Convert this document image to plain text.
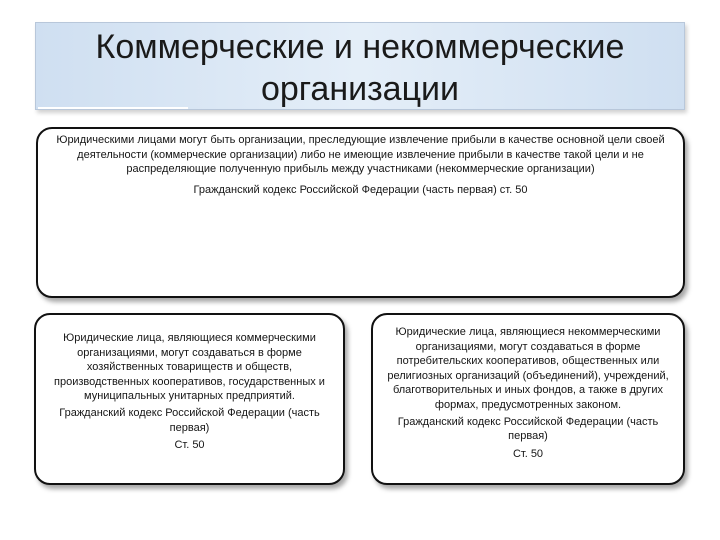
Коммерческие и некоммерческие
организации

Юридическими лицами могут быть организации, преследующие извлечение прибыли в качестве основной цели своей деятельности (коммерческие организации) либо не имеющие извлечение прибыли в качестве такой цели и не распределяющие полученную прибыль между участниками (некоммерческие организации)

Гражданский кодекс Российской Федерации (часть первая) ст. 50

Юридические лица, являющиеся коммерческими организациями, могут создаваться в форме хозяйственных товариществ и обществ, производственных кооперативов, государственных и муниципальных унитарных предприятий.

Гражданский кодекс Российской Федерации (часть первая)

Ст. 50

Юридические лица, являющиеся некоммерческими организациями, могут создаваться в форме потребительских кооперативов, общественных или религиозных организаций (объединений), учреждений, благотворительных и иных фондов, а также в других формах, предусмотренных законом.

Гражданский кодекс Российской Федерации (часть первая)

Ст. 50
